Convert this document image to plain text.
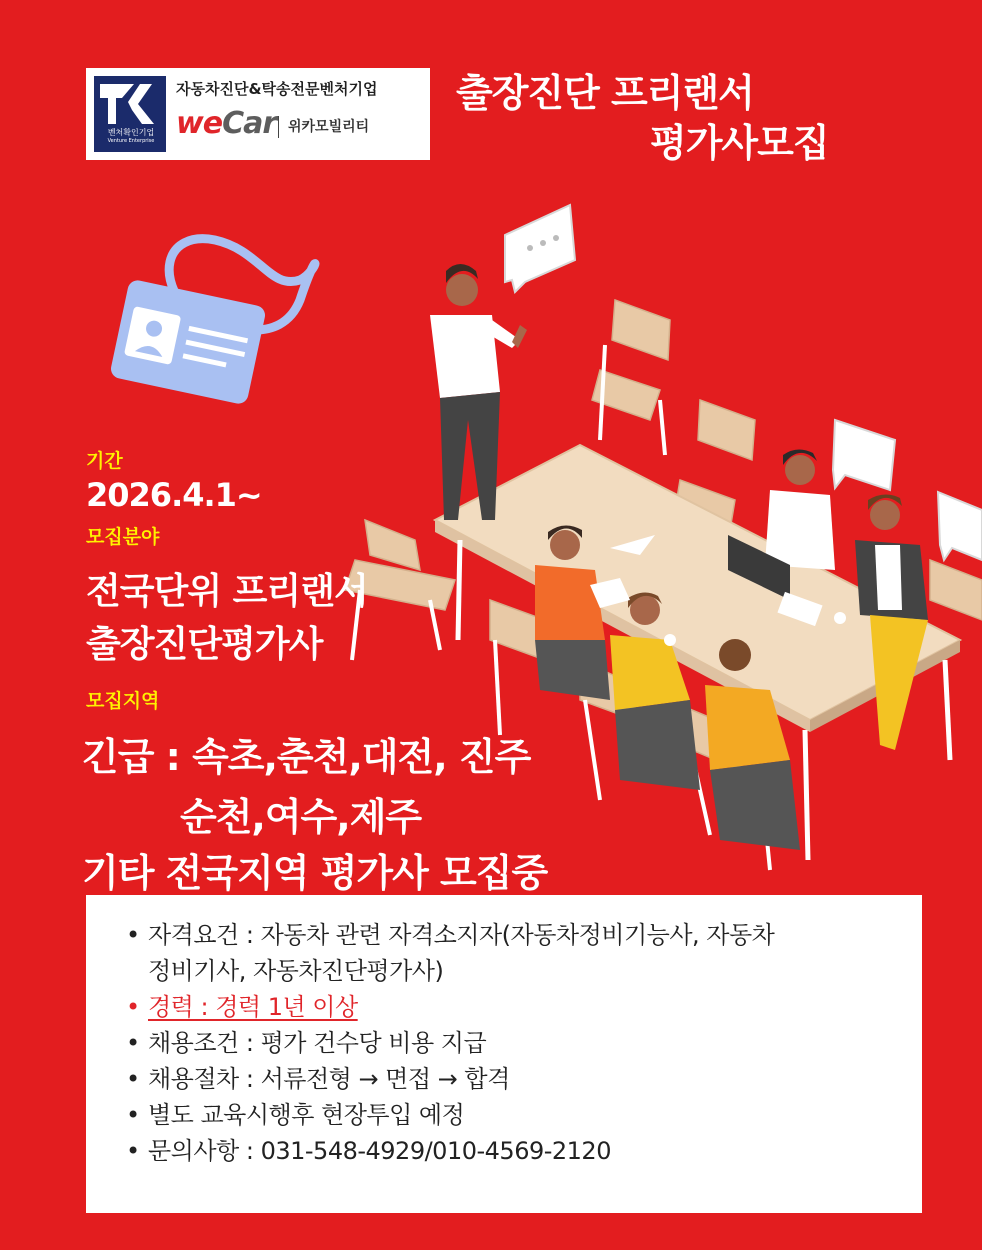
벤처확인기업
Venture Enterprise
자동차진단&탁송전문벤처기업
weCar 위카모빌리티
출장진단 프리랜서
평가사모집
기간
2026.4.1~
모집분야
전국단위 프리랜서
출장진단평가사
모집지역
긴급 : 속초,춘천,대전, 진주
순천,여수,제주
기타 전국지역 평가사 모집중
• 자격요건 : 자동차 관련 자격소지자(자동차정비기능사, 자동차
정비기사, 자동차진단평가사)
• 경력 : 경력 1년 이상
• 채용조건 : 평가 건수당 비용 지급
• 채용절차 : 서류전형 → 면접 → 합격
• 별도 교육시행후 현장투입 예정
• 문의사항 : 031-548-4929/010-4569-2120
